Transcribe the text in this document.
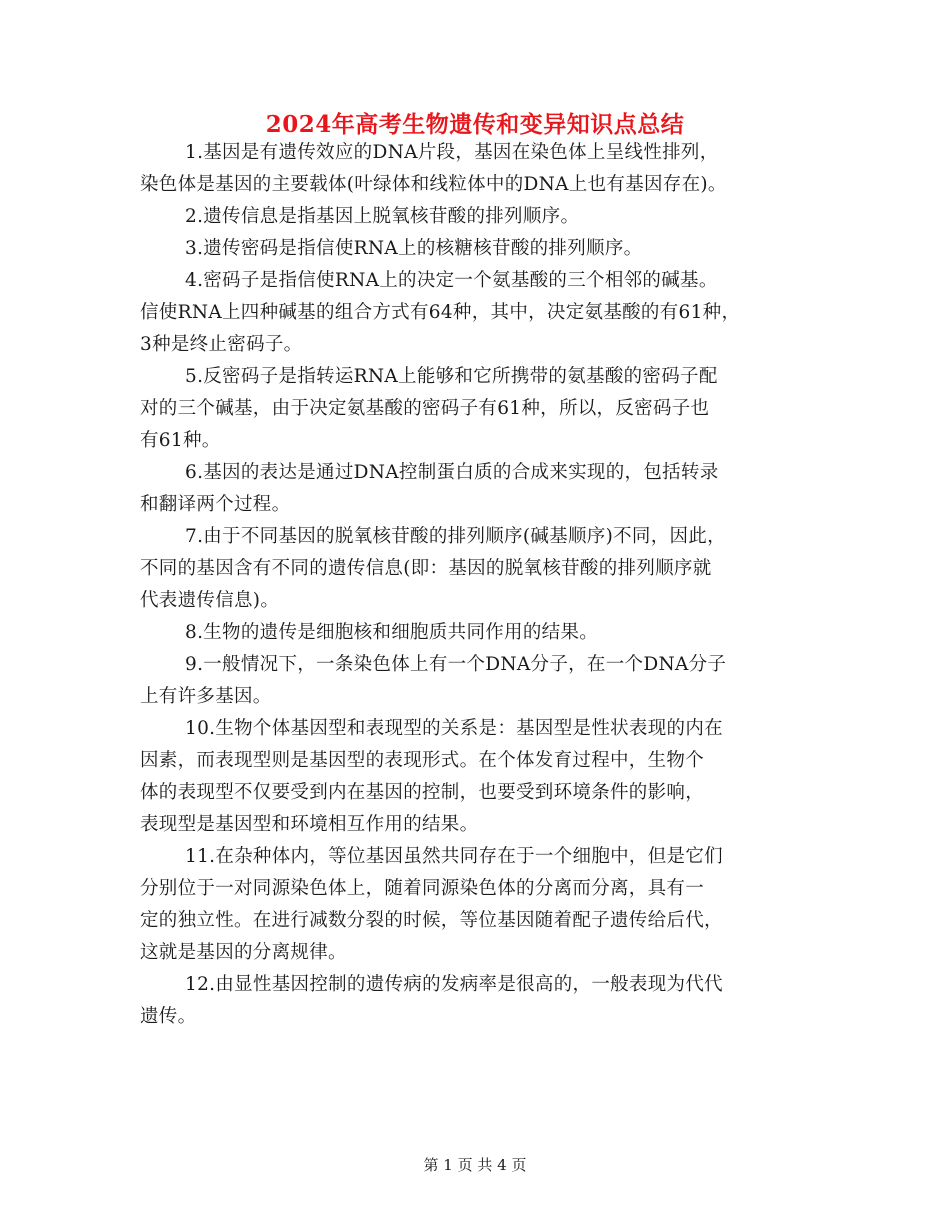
2024年高考生物遗传和变异知识点总结
1.基因是有遗传效应的DNA片段，基因在染色体上呈线性排列，
染色体是基因的主要载体(叶绿体和线粒体中的DNA上也有基因存在)。
2.遗传信息是指基因上脱氧核苷酸的排列顺序。
3.遗传密码是指信使RNA上的核糖核苷酸的排列顺序。
4.密码子是指信使RNA上的决定一个氨基酸的三个相邻的碱基。
信使RNA上四种碱基的组合方式有64种，其中，决定氨基酸的有61种，
3种是终止密码子。
5.反密码子是指转运RNA上能够和它所携带的氨基酸的密码子配
对的三个碱基，由于决定氨基酸的密码子有61种，所以，反密码子也
有61种。
6.基因的表达是通过DNA控制蛋白质的合成来实现的，包括转录
和翻译两个过程。
7.由于不同基因的脱氧核苷酸的排列顺序(碱基顺序)不同，因此，
不同的基因含有不同的遗传信息(即：基因的脱氧核苷酸的排列顺序就
代表遗传信息)。
8.生物的遗传是细胞核和细胞质共同作用的结果。
9.一般情况下，一条染色体上有一个DNA分子，在一个DNA分子
上有许多基因。
10.生物个体基因型和表现型的关系是：基因型是性状表现的内在
因素，而表现型则是基因型的表现形式。在个体发育过程中，生物个
体的表现型不仅要受到内在基因的控制，也要受到环境条件的影响，
表现型是基因型和环境相互作用的结果。
11.在杂种体内，等位基因虽然共同存在于一个细胞中，但是它们
分别位于一对同源染色体上，随着同源染色体的分离而分离，具有一
定的独立性。在进行减数分裂的时候，等位基因随着配子遗传给后代，
这就是基因的分离规律。
12.由显性基因控制的遗传病的发病率是很高的，一般表现为代代
遗传。
第 1 页 共 4 页
